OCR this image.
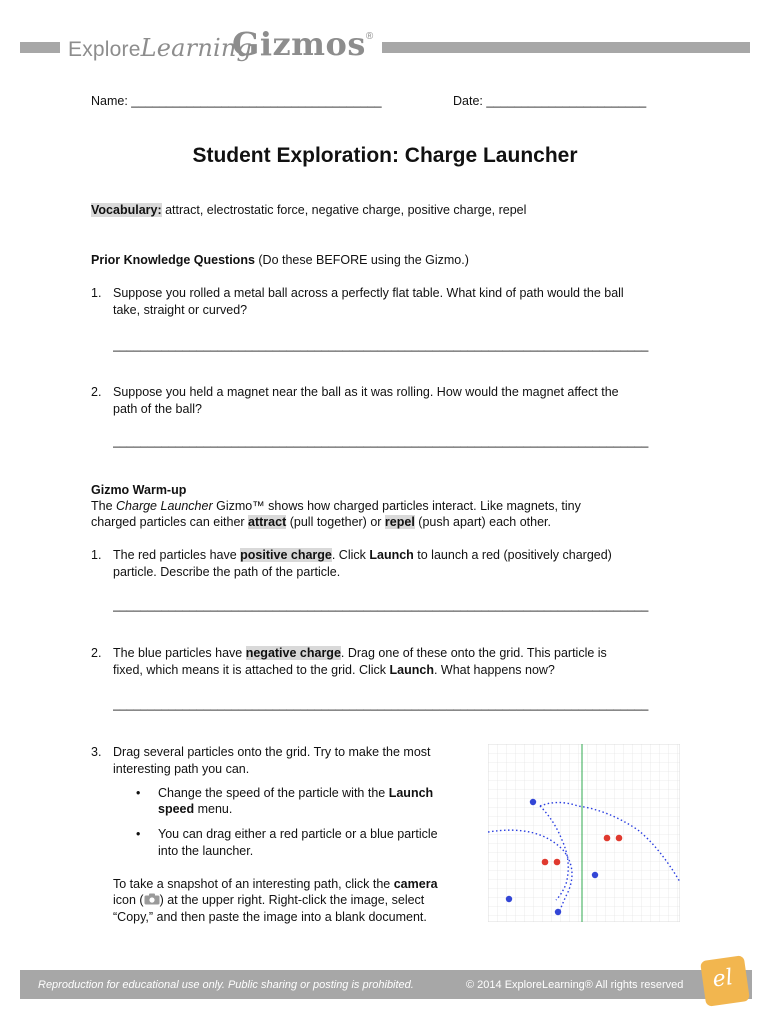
ExploreLearning
Gizmos®
Name: ____________________________________	Date: _______________________
Student Exploration: Charge Launcher
Vocabulary: attract, electrostatic force, negative charge, positive charge, repel
Prior Knowledge Questions (Do these BEFORE using the Gizmo.)
1. Suppose you rolled a metal ball across a perfectly flat table. What kind of path would the ball
take, straight or curved?
_____________________________________________________________________________
2. Suppose you held a magnet near the ball as it was rolling. How would the magnet affect the
path of the ball?
_____________________________________________________________________________
Gizmo Warm-up
The Charge Launcher Gizmo™ shows how charged particles interact. Like magnets, tiny
charged particles can either attract (pull together) or repel (push apart) each other.
1. The red particles have positive charge. Click Launch to launch a red (positively charged)
particle. Describe the path of the particle.
_____________________________________________________________________________
2. The blue particles have negative charge. Drag one of these onto the grid. This particle is
fixed, which means it is attached to the grid. Click Launch. What happens now?
_____________________________________________________________________________
3. Drag several particles onto the grid. Try to make the most
interesting path you can.
• Change the speed of the particle with the Launch
speed menu.
• You can drag either a red particle or a blue particle
into the launcher.
To take a snapshot of an interesting path, click the camera
icon ( ) at the upper right. Right-click the image, select
“Copy,” and then paste the image into a blank document.
Reproduction for educational use only. Public sharing or posting is prohibited.	© 2014 ExploreLearning® All rights reserved el
